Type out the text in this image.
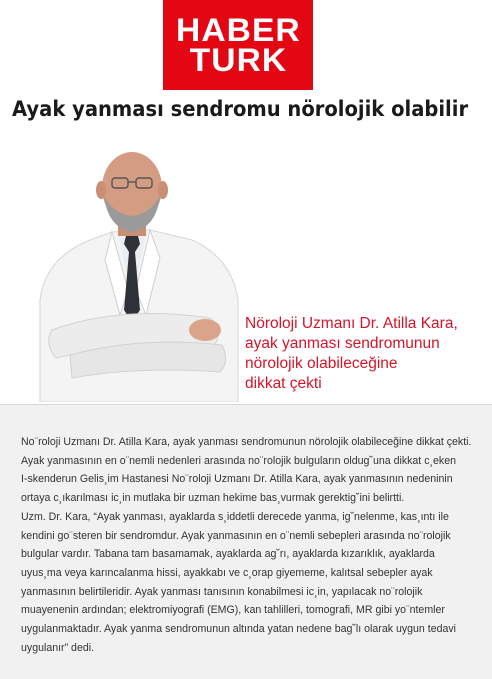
HABER
TURK
Ayak yanması sendromu nörolojik olabilir
Nöroloji Uzmanı Dr. Atilla Kara,
ayak yanması sendromunun
nörolojik olabileceğine
dikkat çekti
No¨roloji Uzmanı Dr. Atilla Kara, ayak yanması sendromunun nörolojik olabileceğine dikkat çekti.
Ayak yanmasının en o¨nemli nedenleri arasında no¨rolojik bulguların oldug˘una dikkat c¸eken
I-skenderun Gelis¸im Hastanesi No¨roloji Uzmanı Dr. Atilla Kara, ayak yanmasının nedeninin
ortaya c¸ıkarılması ic¸in mutlaka bir uzman hekime bas¸vurmak gerektig˘ini belirtti.
Uzm. Dr. Kara, “Ayak yanması, ayaklarda s¸iddetli derecede yanma, ig˘nelenme, kas¸ıntı ile
kendini go¨steren bir sendromdur. Ayak yanmasının en o¨nemli sebepleri arasında no¨rolojik
bulgular vardır. Tabana tam basamamak, ayaklarda ag˘rı, ayaklarda kızarıklık, ayaklarda
uyus¸ma veya karıncalanma hissi, ayakkabı ve c¸orap giyememe, kalıtsal sebepler ayak
yanmasının belirtileridir. Ayak yanması tanısının konabilmesi ic¸in, yapılacak no¨rolojik
muayenenin ardından; elektromiyografi (EMG), kan tahlilleri, tomografi, MR gibi yo¨ntemler
uygulanmaktadır. Ayak yanma sendromunun altında yatan nedene bag˘lı olarak uygun tedavi
uygulanır” dedi.
